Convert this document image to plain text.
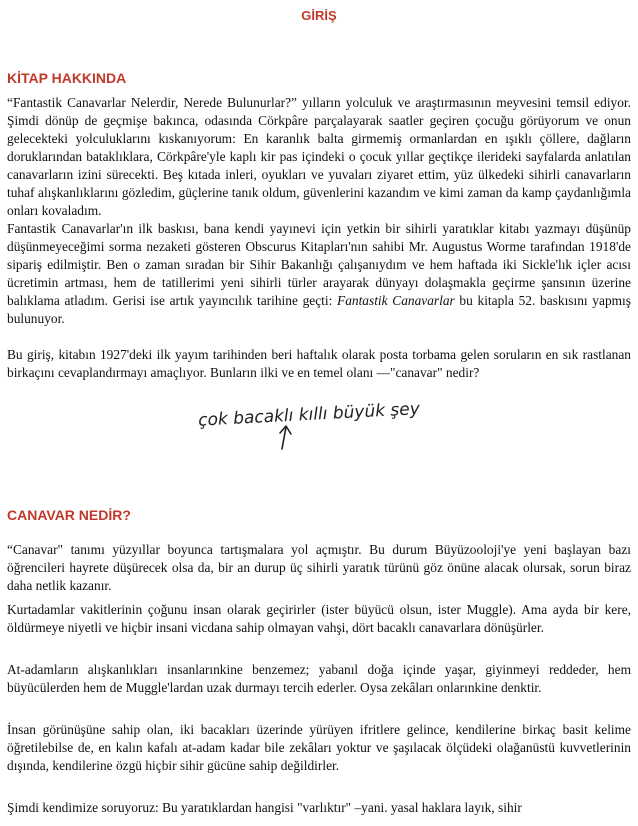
GİRİŞ
KİTAP HAKKINDA

“Fantastik Canavarlar Nelerdir, Nerede Bulunurlar?” yılların yolculuk ve araştırmasının meyvesini temsil ediyor. Şimdi dönüp de geçmişe bakınca, odasında Cörkpâre parçalayarak saatler geçiren çocuğu görüyorum ve onun gelecekteki yolculuklarını kıskanıyorum: En karanlık balta girmemiş ormanlardan en ışıklı çöllere, dağların doruklarından bataklıklara, Cörkpâre'yle kaplı kir pas içindeki o çocuk yıllar geçtikçe ilerideki sayfalarda anlatılan canavarların izini sürecekti. Beş kıtada inleri, oyukları ve yuvaları ziyaret ettim, yüz ülkedeki sihirli canavarların tuhaf alışkanlıklarını gözledim, güçlerine tanık oldum, güvenlerini kazandım ve kimi zaman da kamp çaydanlığımla onları kovaladım.

Fantastik Canavarlar'ın ilk baskısı, bana kendi yayınevi için yetkin bir sihirli yaratıklar kitabı yazmayı düşünüp düşünmeyeceğimi sorma nezaketi gösteren Obscurus Kitapları'nın sahibi Mr. Augustus Worme tarafından 1918'de sipariş edilmiştir. Ben o zaman sıradan bir Sihir Bakanlığı çalışanıydım ve hem haftada iki Sickle'lık içler acısı ücretimin artması, hem de tatillerimi yeni sihirli türler arayarak dünyayı dolaşmakla geçirme şansının üzerine balıklama atladım. Gerisi ise artık yayıncılık tarihine geçti: Fantastik Canavarlar bu kitapla 52. baskısını yapmış bulunuyor.

Bu giriş, kitabın 1927'deki ilk yayım tarihinden beri haftalık olarak posta torbama gelen soruların en sık rastlanan birkaçını cevaplandırmayı amaçlıyor. Bunların ilki ve en temel olanı —"canavar" nedir?

çok bacaklı kıllı büyük şey
CANAVAR NEDİR?

“Canavar" tanımı yüzyıllar boyunca tartışmalara yol açmıştır. Bu durum Büyüzooloji'ye yeni başlayan bazı öğrencileri hayrete düşürecek olsa da, bir an durup üç sihirli yaratık türünü göz önüne alacak olursak, sorun biraz daha netlik kazanır.

Kurtadamlar vakitlerinin çoğunu insan olarak geçirirler (ister büyücü olsun, ister Muggle). Ama ayda bir kere, öldürmeye niyetli ve hiçbir insani vicdana sahip olmayan vahşi, dört bacaklı canavarlara dönüşürler.

At-adamların alışkanlıkları insanlarınkine benzemez; yabanıl doğa içinde yaşar, giyinmeyi reddeder, hem büyücülerden hem de Muggle'lardan uzak durmayı tercih ederler. Oysa zekâları onlarınkine denktir.

İnsan görünüşüne sahip olan, iki bacakları üzerinde yürüyen ifritlere gelince, kendilerine birkaç basit kelime öğretilebilse de, en kalın kafalı at-adam kadar bile zekâları yoktur ve şaşılacak ölçüdeki olağanüstü kuvvetlerinin dışında, kendilerine özgü hiçbir sihir gücüne sahip değildirler.

Şimdi kendimize soruyoruz: Bu yaratıklardan hangisi "varlıktır" –yani. yasal haklara layık, sihir
